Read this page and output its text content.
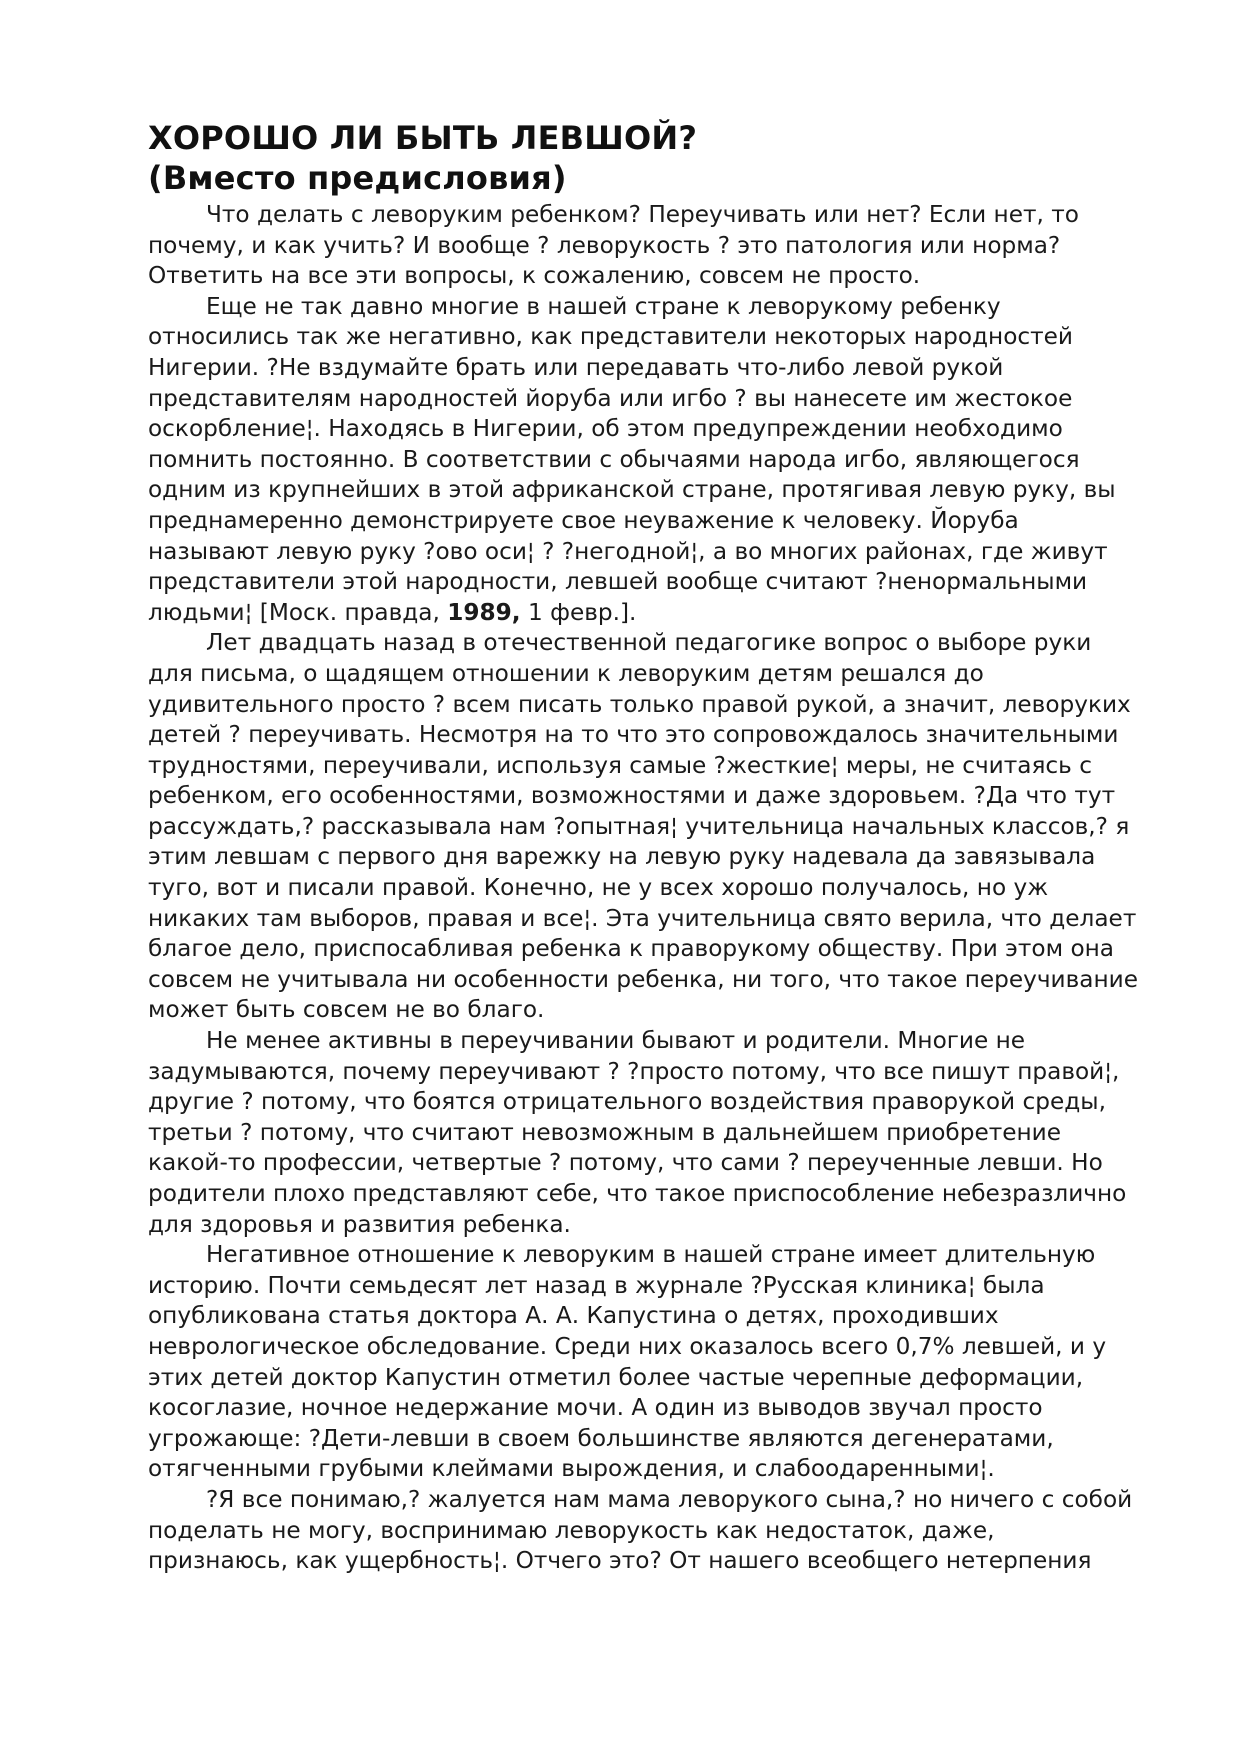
ХОРОШО ЛИ БЫТЬ ЛЕВШОЙ?
(Вместо предисловия)

Что делать с леворуким ребенком? Переучивать или нет? Если нет, то почему, и как учить? И вообще ? леворукость ? это патология или норма? Ответить на все эти вопросы, к сожалению, совсем не просто.

Еще не так давно многие в нашей стране к леворукому ребенку относились так же негативно, как представители некоторых народностей Нигерии. ?Не вздумайте брать или передавать что-либо левой рукой представителям народностей йоруба или игбо ? вы нанесете им жестокое оскорбление¦. Находясь в Нигерии, об этом предупреждении необходимо помнить постоянно. В соответствии с обычаями народа игбо, являющегося одним из крупнейших в этой африканской стране, протягивая левую руку, вы преднамеренно демонстрируете свое неуважение к человеку. Йоруба называют левую руку ?ово оси¦ ? ?негодной¦, а во многих районах, где живут представители этой народности, левшей вообще считают ?ненормальными людьми¦ [Моск. правда, 1989, 1 февр.].

Лет двадцать назад в отечественной педагогике вопрос о выборе руки для письма, о щадящем отношении к леворуким детям решался до удивительного просто ? всем писать только правой рукой, а значит, леворуких детей ? переучивать. Несмотря на то что это сопровождалось значительными трудностями, переучивали, используя самые ?жесткие¦ меры, не считаясь с ребенком, его особенностями, возможностями и даже здоровьем. ?Да что тут рассуждать,? рассказывала нам ?опытная¦ учительница начальных классов,? я этим левшам с первого дня варежку на левую руку надевала да завязывала туго, вот и писали правой. Конечно, не у всех хорошо получалось, но уж никаких там выборов, правая и все¦. Эта учительница свято верила, что делает благое дело, приспосабливая ребенка к праворукому обществу. При этом она совсем не учитывала ни особенности ребенка, ни того, что такое переучивание может быть совсем не во благо.

Не менее активны в переучивании бывают и родители. Многие не задумываются, почему переучивают ? ?просто потому, что все пишут правой¦, другие ? потому, что боятся отрицательного воздействия праворукой среды, третьи ? потому, что считают невозможным в дальнейшем приобретение какой-то профессии, четвертые ? потому, что сами ? переученные левши. Но родители плохо представляют себе, что такое приспособление небезразлично для здоровья и развития ребенка.

Негативное отношение к леворуким в нашей стране имеет длительную историю. Почти семьдесят лет назад в журнале ?Русская клиника¦ была опубликована статья доктора А. А. Капустина о детях, проходивших неврологическое обследование. Среди них оказалось всего 0,7% левшей, и у этих детей доктор Капустин отметил более частые черепные деформации, косоглазие, ночное недержание мочи. А один из выводов звучал просто угрожающе: ?Дети-левши в своем большинстве являются дегенератами, отягченными грубыми клеймами вырождения, и слабоодаренными¦.

?Я все понимаю,? жалуется нам мама леворукого сына,? но ничего с собой поделать не могу, воспринимаю леворукость как недостаток, даже, признаюсь, как ущербность¦. Отчего это? От нашего всеобщего нетерпения
